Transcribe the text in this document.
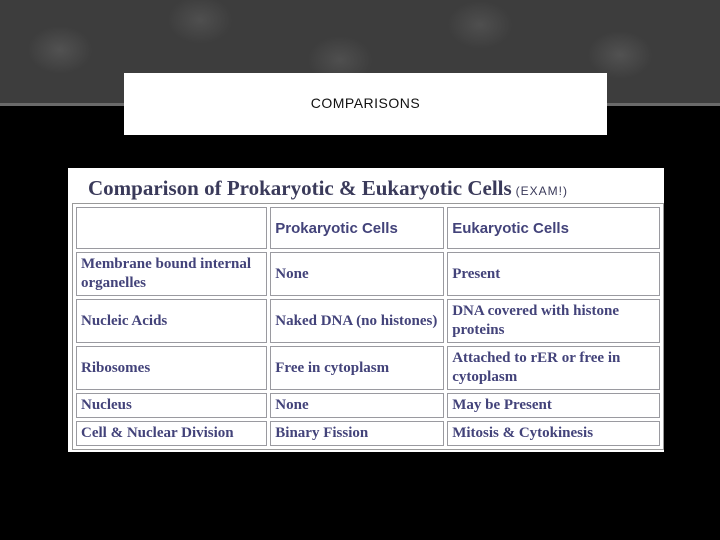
COMPARISONS
Comparison of Prokaryotic & Eukaryotic Cells (EXAM!)
	Prokaryotic Cells	Eukaryotic Cells
Membrane bound internal organelles	None	Present
Nucleic Acids	Naked DNA (no histones)	DNA covered with histone proteins
Ribosomes	Free in cytoplasm	Attached to rER or free in cytoplasm
Nucleus	None	May be Present
Cell & Nuclear Division	Binary Fission	Mitosis & Cytokinesis
